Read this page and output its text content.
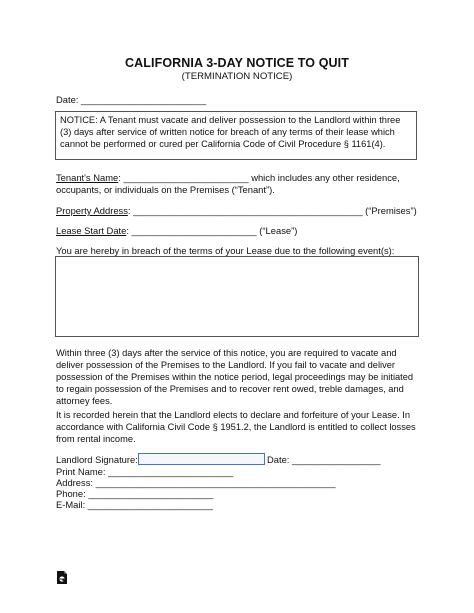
CALIFORNIA 3-DAY NOTICE TO QUIT
(TERMINATION NOTICE)
Date: ________________________
NOTICE: A Tenant must vacate and deliver possession to the Landlord within three (3) days after service of written notice for breach of any terms of their lease which cannot be performed or cured per California Code of Civil Procedure § 1161(4).
Tenant's Name: ________________________ which includes any other residence,
occupants, or individuals on the Premises (“Tenant”).
Property Address: ____________________________________________ (“Premises”)
Lease Start Date: ________________________ (“Lease”)
You are hereby in breach of the terms of your Lease due to the following event(s):
Within three (3) days after the service of this notice, you are required to vacate and deliver possession of the Premises to the Landlord. If you fail to vacate and deliver possession of the Premises within the notice period, legal proceedings may be initiated to regain possession of the Premises and to recover rent owed, treble damages, and attorney fees.
It is recorded herein that the Landlord elects to declare and forfeiture of your Lease. In accordance with California Civil Code § 1951.2, the Landlord is entitled to collect losses from rental income.
Landlord Signature:	Date: _________________
Print Name: ________________________
Address: ______________________________________________
Phone: ________________________
E-Mail: ________________________
